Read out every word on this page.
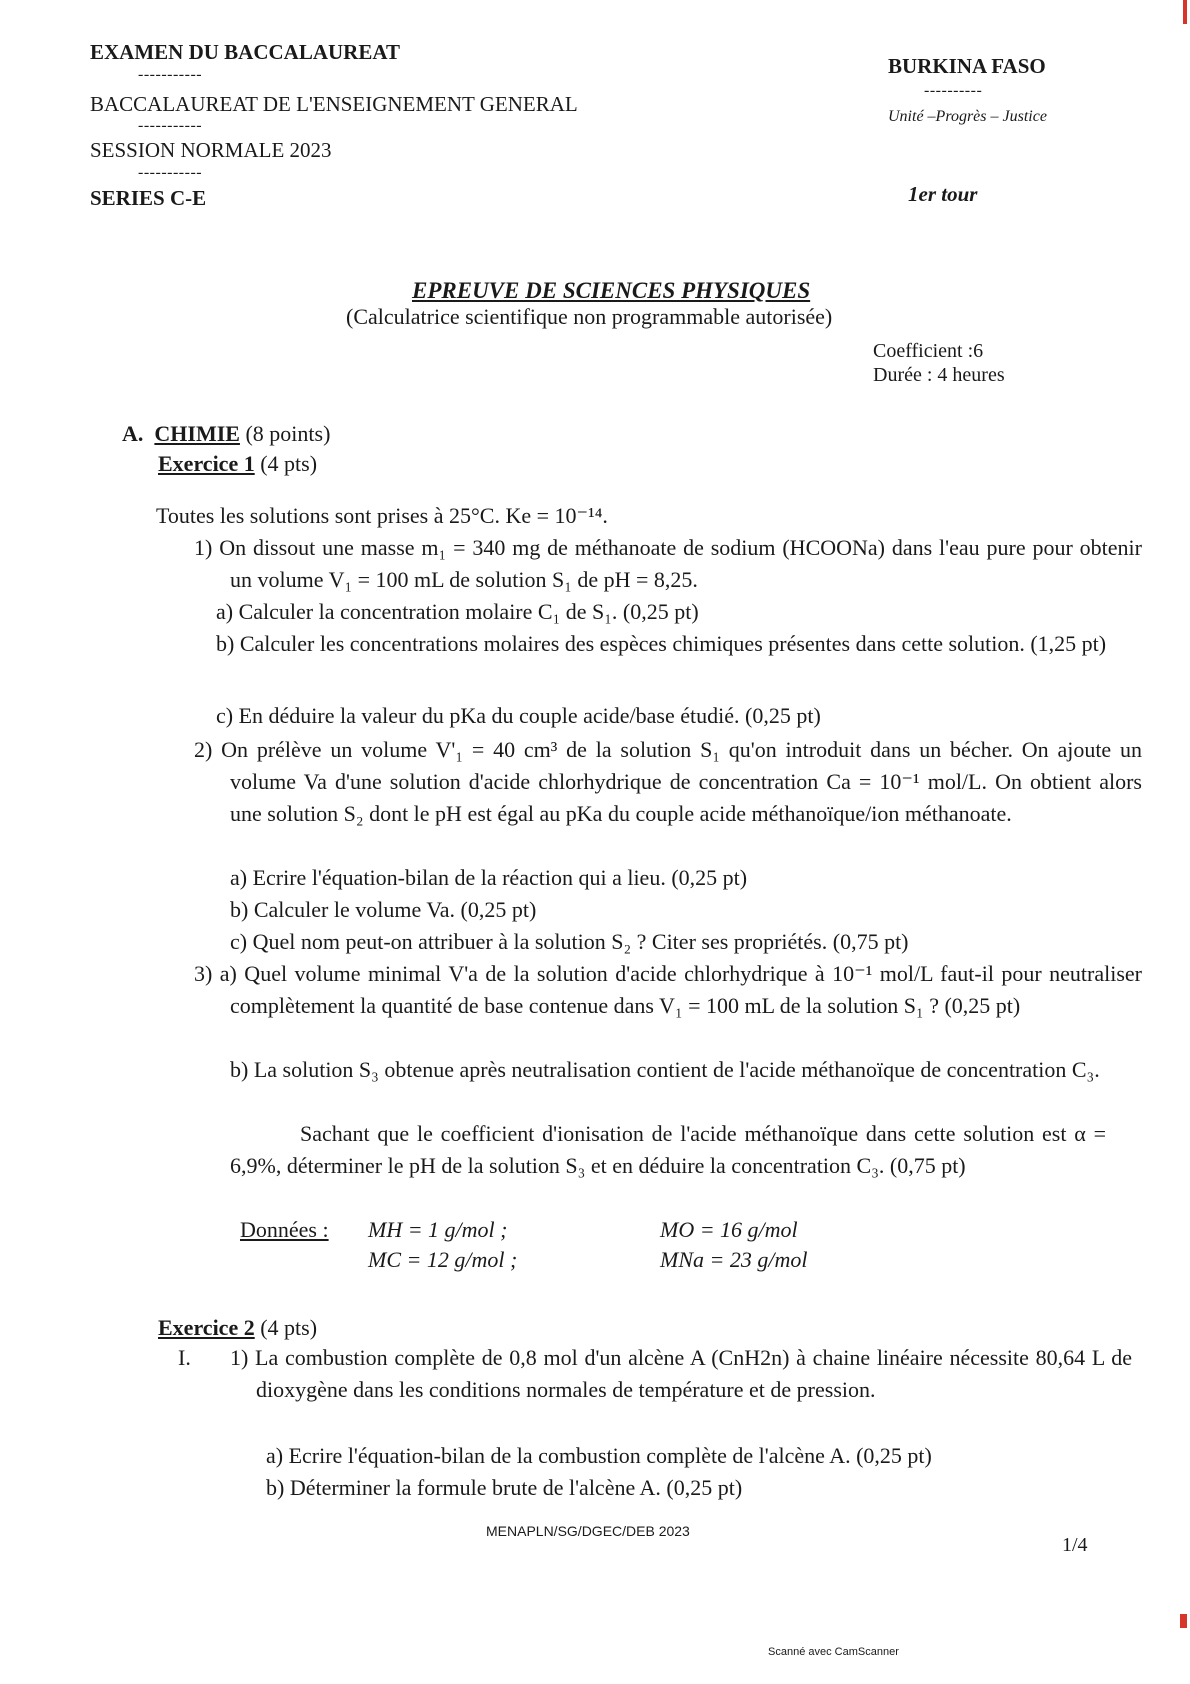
EXAMEN DU BACCALAUREAT
-----------
BACCALAUREAT DE L'ENSEIGNEMENT GENERAL
-----------
SESSION NORMALE 2023
-----------
SERIES C-E
BURKINA FASO
----------
Unité –Progrès – Justice
1er tour
EPREUVE DE SCIENCES PHYSIQUES
(Calculatrice scientifique non programmable autorisée)
Coefficient :6
Durée : 4 heures
A. CHIMIE (8 points)
Exercice 1 (4 pts)
Toutes les solutions sont prises à 25°C. Ke = 10⁻¹⁴.
1) On dissout une masse m₁ = 340 mg de méthanoate de sodium (HCOONa) dans l'eau pure pour obtenir un volume V₁ = 100 mL de solution S₁ de pH = 8,25.
a) Calculer la concentration molaire C₁ de S₁. (0,25 pt)
b) Calculer les concentrations molaires des espèces chimiques présentes dans cette solution. (1,25 pt)
c) En déduire la valeur du pKa du couple acide/base étudié. (0,25 pt)
2) On prélève un volume V'₁ = 40 cm³ de la solution S₁ qu'on introduit dans un bécher. On ajoute un volume Va d'une solution d'acide chlorhydrique de concentration Ca = 10⁻¹ mol/L. On obtient alors une solution S₂ dont le pH est égal au pKa du couple acide méthanoïque/ion méthanoate.
a) Ecrire l'équation-bilan de la réaction qui a lieu. (0,25 pt)
b) Calculer le volume Va. (0,25 pt)
c) Quel nom peut-on attribuer à la solution S₂ ? Citer ses propriétés. (0,75 pt)
3) a) Quel volume minimal V'a de la solution d'acide chlorhydrique à 10⁻¹ mol/L faut-il pour neutraliser complètement la quantité de base contenue dans V₁ = 100 mL de la solution S₁ ? (0,25 pt)
b) La solution S₃ obtenue après neutralisation contient de l'acide méthanoïque de concentration C₃.
Sachant que le coefficient d'ionisation de l'acide méthanoïque dans cette solution est α = 6,9%, déterminer le pH de la solution S₃ et en déduire la concentration C₃. (0,75 pt)
Données : MH = 1 g/mol ;	MO = 16 g/mol
MC = 12 g/mol ;	MNa = 23 g/mol
Exercice 2 (4 pts)
I. 1) La combustion complète de 0,8 mol d'un alcène A (CnH2n) à chaine linéaire nécessite 80,64 L de dioxygène dans les conditions normales de température et de pression.
a) Ecrire l'équation-bilan de la combustion complète de l'alcène A. (0,25 pt)
b) Déterminer la formule brute de l'alcène A. (0,25 pt)
MENAPLN/SG/DGEC/DEB 2023
1/4
Scanné avec CamScanner
